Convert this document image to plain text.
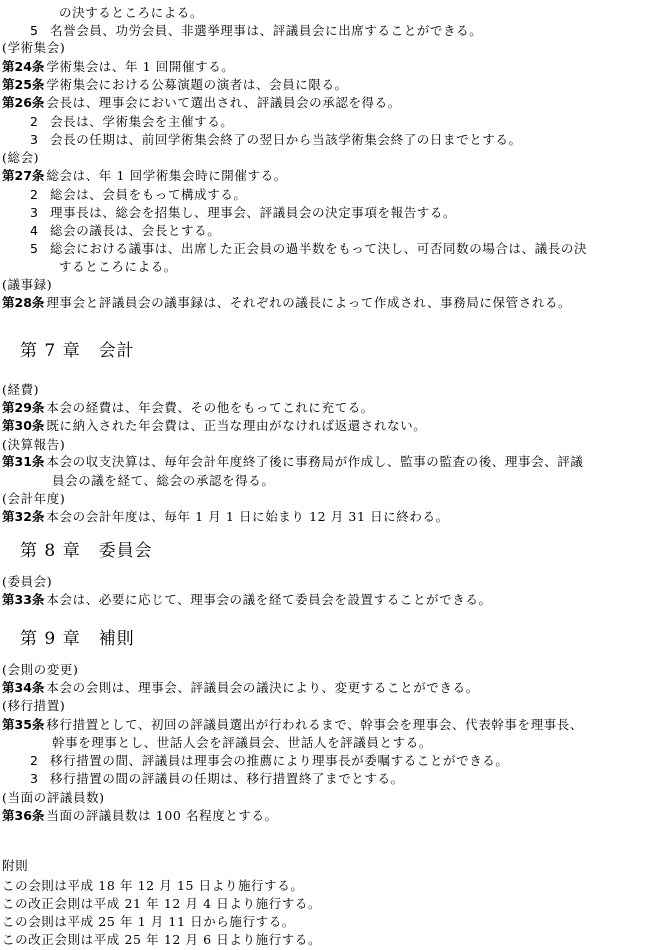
の決するところによる。
5 名誉会員、功労会員、非選挙理事は、評議員会に出席することができる。
(学術集会)
第24条 学術集会は、年 1 回開催する。
第25条 学術集会における公募演題の演者は、会員に限る。
第26条 会長は、理事会において選出され、評議員会の承認を得る。
2 会長は、学術集会を主催する。
3 会長の任期は、前回学術集会終了の翌日から当該学術集会終了の日までとする。
(総会)
第27条 総会は、年 1 回学術集会時に開催する。
2 総会は、会員をもって構成する。
3 理事長は、総会を招集し、理事会、評議員会の決定事項を報告する。
4 総会の議長は、会長とする。
5 総会における議事は、出席した正会員の過半数をもって決し、可否同数の場合は、議長の決
するところによる。
(議事録)
第28条 理事会と評議員会の議事録は、それぞれの議長によって作成され、事務局に保管される。
第 7 章　会計
(経費)
第29条 本会の経費は、年会費、その他をもってこれに充てる。
第30条 既に納入された年会費は、正当な理由がなければ返還されない。
(決算報告)
第31条 本会の収支決算は、毎年会計年度終了後に事務局が作成し、監事の監査の後、理事会、評議
員会の議を経て、総会の承認を得る。
(会計年度)
第32条 本会の会計年度は、毎年 1 月 1 日に始まり 12 月 31 日に終わる。
第 8 章　委員会
(委員会)
第33条 本会は、必要に応じて、理事会の議を経て委員会を設置することができる。
第 9 章　補則
(会則の変更)
第34条 本会の会則は、理事会、評議員会の議決により、変更することができる。
(移行措置)
第35条 移行措置として、初回の評議員選出が行われるまで、幹事会を理事会、代表幹事を理事長、
幹事を理事とし、世話人会を評議員会、世話人を評議員とする。
2 移行措置の間、評議員は理事会の推薦により理事長が委嘱することができる。
3 移行措置の間の評議員の任期は、移行措置終了までとする。
(当面の評議員数)
第36条 当面の評議員数は 100 名程度とする。
附則
この会則は平成 18 年 12 月 15 日より施行する。
この改正会則は平成 21 年 12 月 4 日より施行する。
この会則は平成 25 年 1 月 11 日から施行する。
この改正会則は平成 25 年 12 月 6 日より施行する。
